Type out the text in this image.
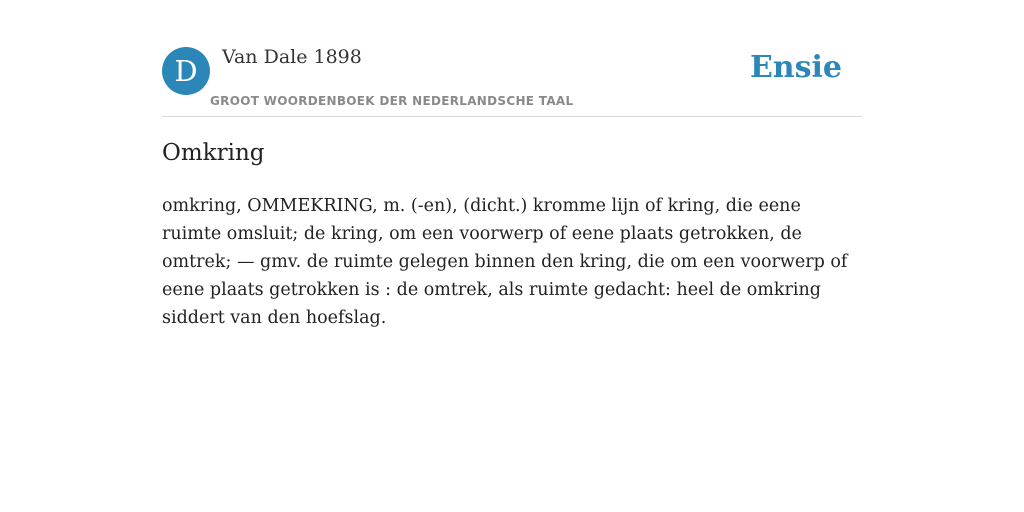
D	Van Dale 1898
GROOT WOORDENBOEK DER NEDERLANDSCHE TAAL
Ensie
Omkring

omkring, OMMEKRING, m. (-en), (dicht.) kromme lijn of kring, die eene ruimte omsluit; de kring, om een voorwerp of eene plaats getrokken, de omtrek; — gmv. de ruimte gelegen binnen den kring, die om een voorwerp of eene plaats getrokken is : de omtrek, als ruimte gedacht: heel de omkring siddert van den hoefslag.
